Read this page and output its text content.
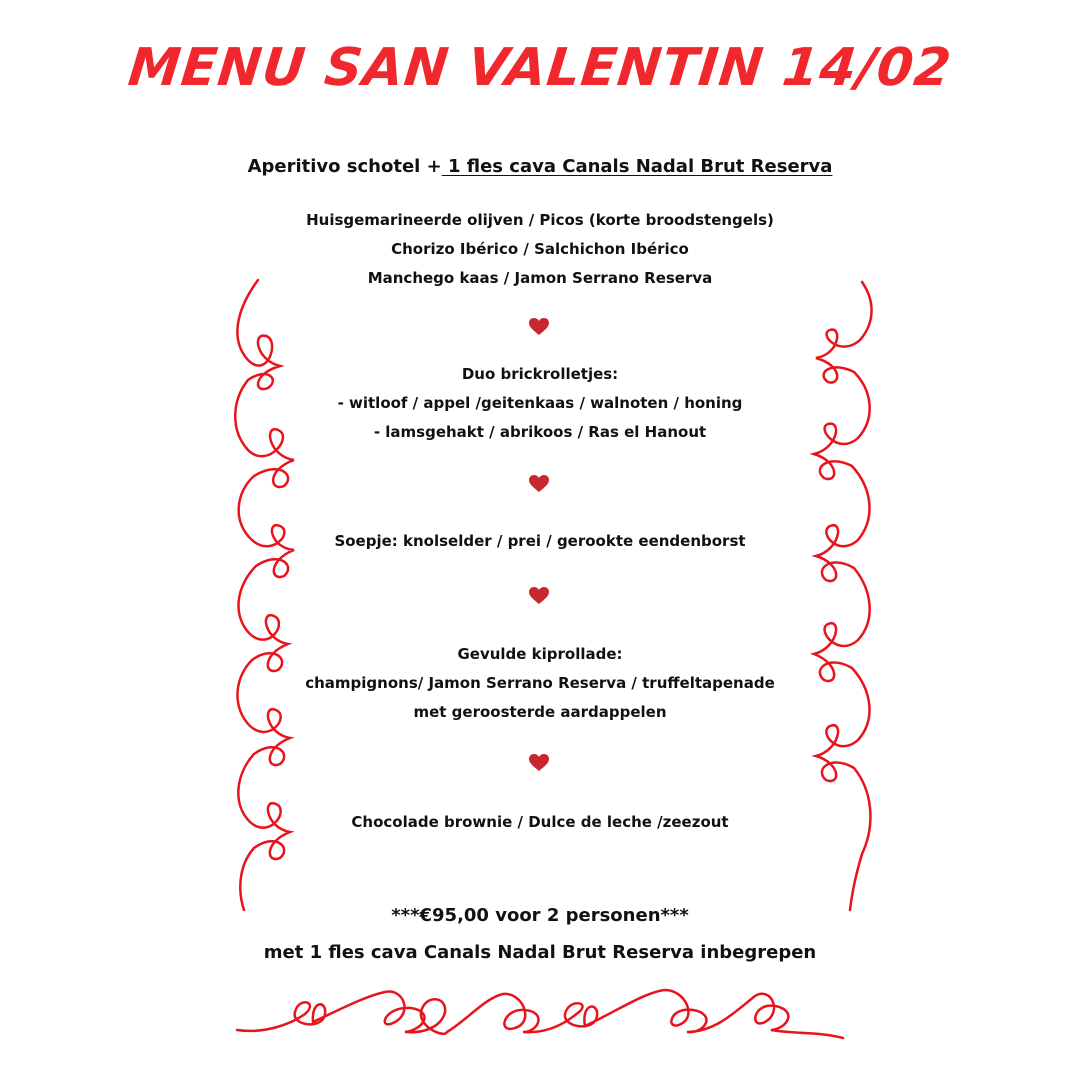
MENU SAN VALENTIN 14/02
Aperitivo schotel + 1 fles cava Canals Nadal Brut Reserva
Huisgemarineerde olijven / Picos (korte broodstengels)
Chorizo Ibérico / Salchichon Ibérico
Manchego kaas / Jamon Serrano Reserva
Duo brickrolletjes:
- witloof / appel /geitenkaas / walnoten / honing
- lamsgehakt / abrikoos / Ras el Hanout
Soepje: knolselder / prei / gerookte eendenborst
Gevulde kiprollade:
champignons/ Jamon Serrano Reserva / truffeltapenade
met geroosterde aardappelen
Chocolade brownie / Dulce de leche /zeezout
***€95,00 voor 2 personen***
met 1 fles cava Canals Nadal Brut Reserva inbegrepen
